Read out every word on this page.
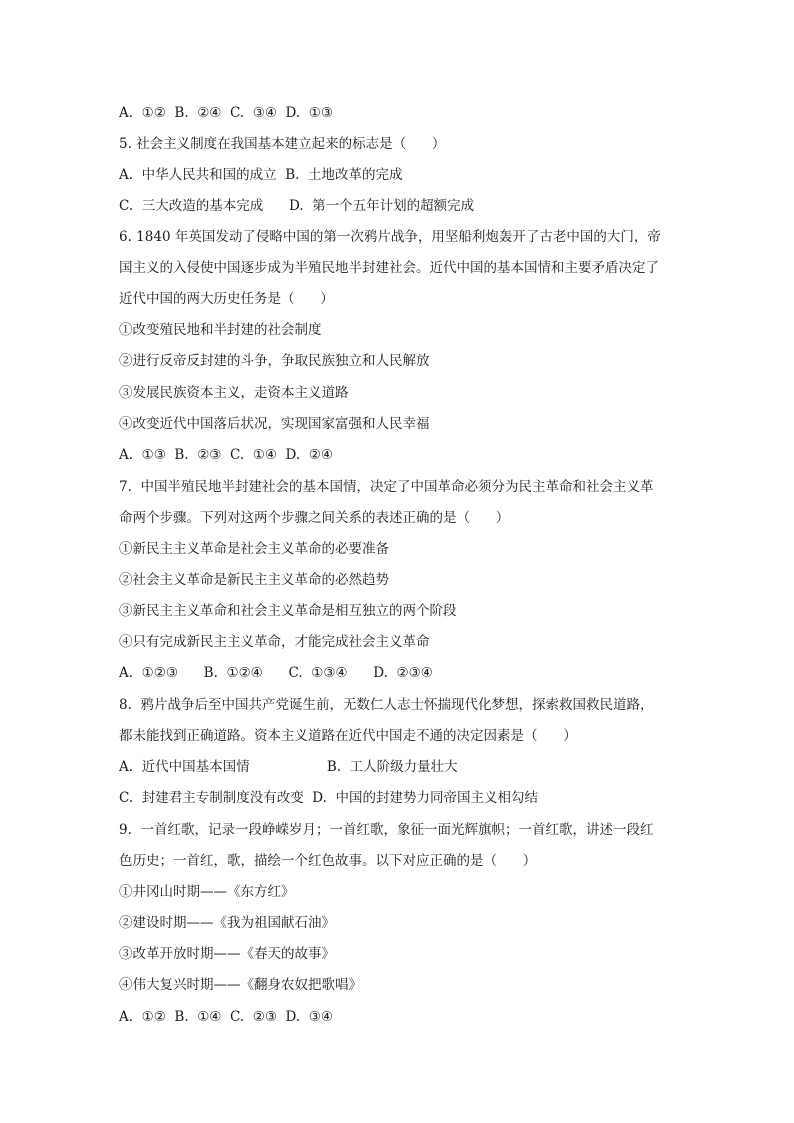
A.  ①②  B.  ②④  C.  ③④  D.  ①③
5. 社会主义制度在我国基本建立起来的标志是（      ）
A.  中华人民共和国的成立  B.  土地改革的完成
C.  三大改造的基本完成      D.  第一个五年计划的超额完成
6. 1840 年英国发动了侵略中国的第一次鸦片战争，用坚船利炮轰开了古老中国的大门，帝
国主义的入侵使中国逐步成为半殖民地半封建社会。近代中国的基本国情和主要矛盾决定了
近代中国的两大历史任务是（      ）
①改变殖民地和半封建的社会制度
②进行反帝反封建的斗争，争取民族独立和人民解放
③发展民族资本主义，走资本主义道路
④改变近代中国落后状况，实现国家富强和人民幸福
A.  ①③  B.  ②③  C.  ①④  D.  ②④
7.  中国半殖民地半封建社会的基本国情，决定了中国革命必须分为民主革命和社会主义革
命两个步骤。下列对这两个步骤之间关系的表述正确的是（      ）
①新民主主义革命是社会主义革命的必要准备
②社会主义革命是新民主主义革命的必然趋势
③新民主主义革命和社会主义革命是相互独立的两个阶段
④只有完成新民主主义革命，才能完成社会主义革命
A.  ①②③      B.  ①②④      C.  ①③④      D.  ②③④
8.  鸦片战争后至中国共产党诞生前，无数仁人志士怀揣现代化梦想，探索救国救民道路，
都未能找到正确道路。资本主义道路在近代中国走不通的决定因素是（      ）
A.  近代中国基本国情                  B.  工人阶级力量壮大
C.  封建君主专制制度没有改变  D.  中国的封建势力同帝国主义相勾结
9.  一首红歌，记录一段峥嵘岁月；一首红歌，象征一面光辉旗帜；一首红歌，讲述一段红
色历史；一首红，歌，描绘一个红色故事。以下对应正确的是（      ）
①井冈山时期——《东方红》
②建设时期——《我为祖国献石油》
③改革开放时期——《春天的故事》
④伟大复兴时期——《翻身农奴把歌唱》
A.  ①②  B.  ①④  C.  ②③  D.  ③④
